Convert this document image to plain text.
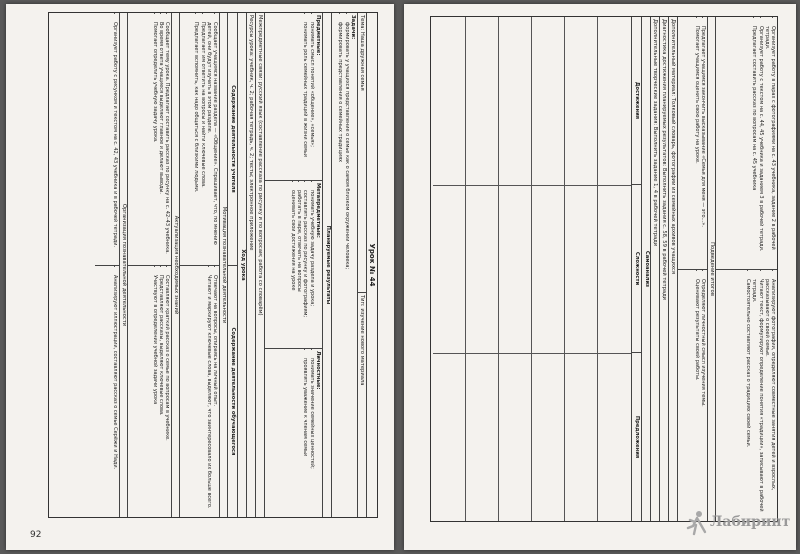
Урок № 44

Тема: Наша дружная семья

Тип: изучение нового материала

Задачи:

• формировать у учащихся представление о семье как о самом близком окружении человека;
• формировать представления о семейных традициях

Планируемые результаты

Предметные:

• понимать смысл понятий «общение», «семья»;
• понимать роль семейных традиций в жизни семьи

Метапредметные:

• понимать учебную задачу раздела и урока;
• составлять рассказ по рисунку и фотографиям;
• работать в паре, отвечать на вопросы
• оценивать свои достижения на уроке

Личностные:

• понимать значение семейных ценностей;
• проявлять уважение к членам семьи

Межпредметные связи: русский язык (составление рассказа по рисунку и по вопросам; работа со словарём)

Ресурсы урока: учебник, ч. 2; рабочая тетрадь, ч. 2; тесты; электронное приложение

Ход урока

Содержание деятельности учителя

Содержание деятельности обучающегося

Мотивация познавательной деятельности

• Сообщает учащимся название раздела — «Общение». Спрашивает, что, по мнению детей, они будут изучать в этом разделе.
• Предлагает им ответить на вопросы и найти ключевые слова.
• Предлагает вспомнить, как надо общаться с близкими людьми.
• Отвечают на вопросы, опираясь на личный опыт.
• Читают и маркируют ключевые слова, выделяют, что заинтересовало их больше всего.

Актуализация необходимых знаний

• Сообщает тему урока. Предлагает составить рассказ по рисунку на с. 42–43 учебника.
• Во время ответа учащиеся выделяют главное и делают выводы.
• Помогает определить учебную задачу урока.
• Составляют краткий рассказ о семье по вопросам в учебнике.
• Представляют рассказы, выделяют ключевые слова.
• Участвуют в определении учебной задачи урока

Организация познавательной деятельности

• Организует работу с рисунком и текстом на с. 42, 43 учебника и в рабочей тетради.
• Анализируют иллюстрации, составляют рассказ о семье Серёжи и Нади.
92
• Организует работу в парах с фотографиями на с. 43 учебника, задание 2 в рабочей тетради.
• Организует работу с текстом на с. 44, 45 учебника и заданием 3 в рабочей тетради.
• Предлагает составить рассказ по вопросам на с. 45 учебника
• Анализируют фотографии, определяют совместные занятия детей и взрослых, рассказывают о своей семье.
• Читают текст, формулируют определение понятия «традиции», записывают в рабочей тетради.
• Самостоятельно составляют рассказ о традициях своей семьи.

Подведение итогов

• Предлагает учащимся закончить высказывание «Семья для меня — это...».
• Помогает учащимся оценить свою работу на уроке.
• Определяют личностный смысл изучения темы.
• Оценивают результаты своей работы.

Дополнительный материал: Толковый словарь, фотографии из семейных архивов учащихся

Диагностика достижения планируемых результатов: Выполнить задания с. 58, 59 в рабочей тетради

Дополнительные творческие задания: Выполнить задание 1, 4 в рабочей тетради

Самоанализ

Достижения

Сложности

Предложения

Лабиринт
